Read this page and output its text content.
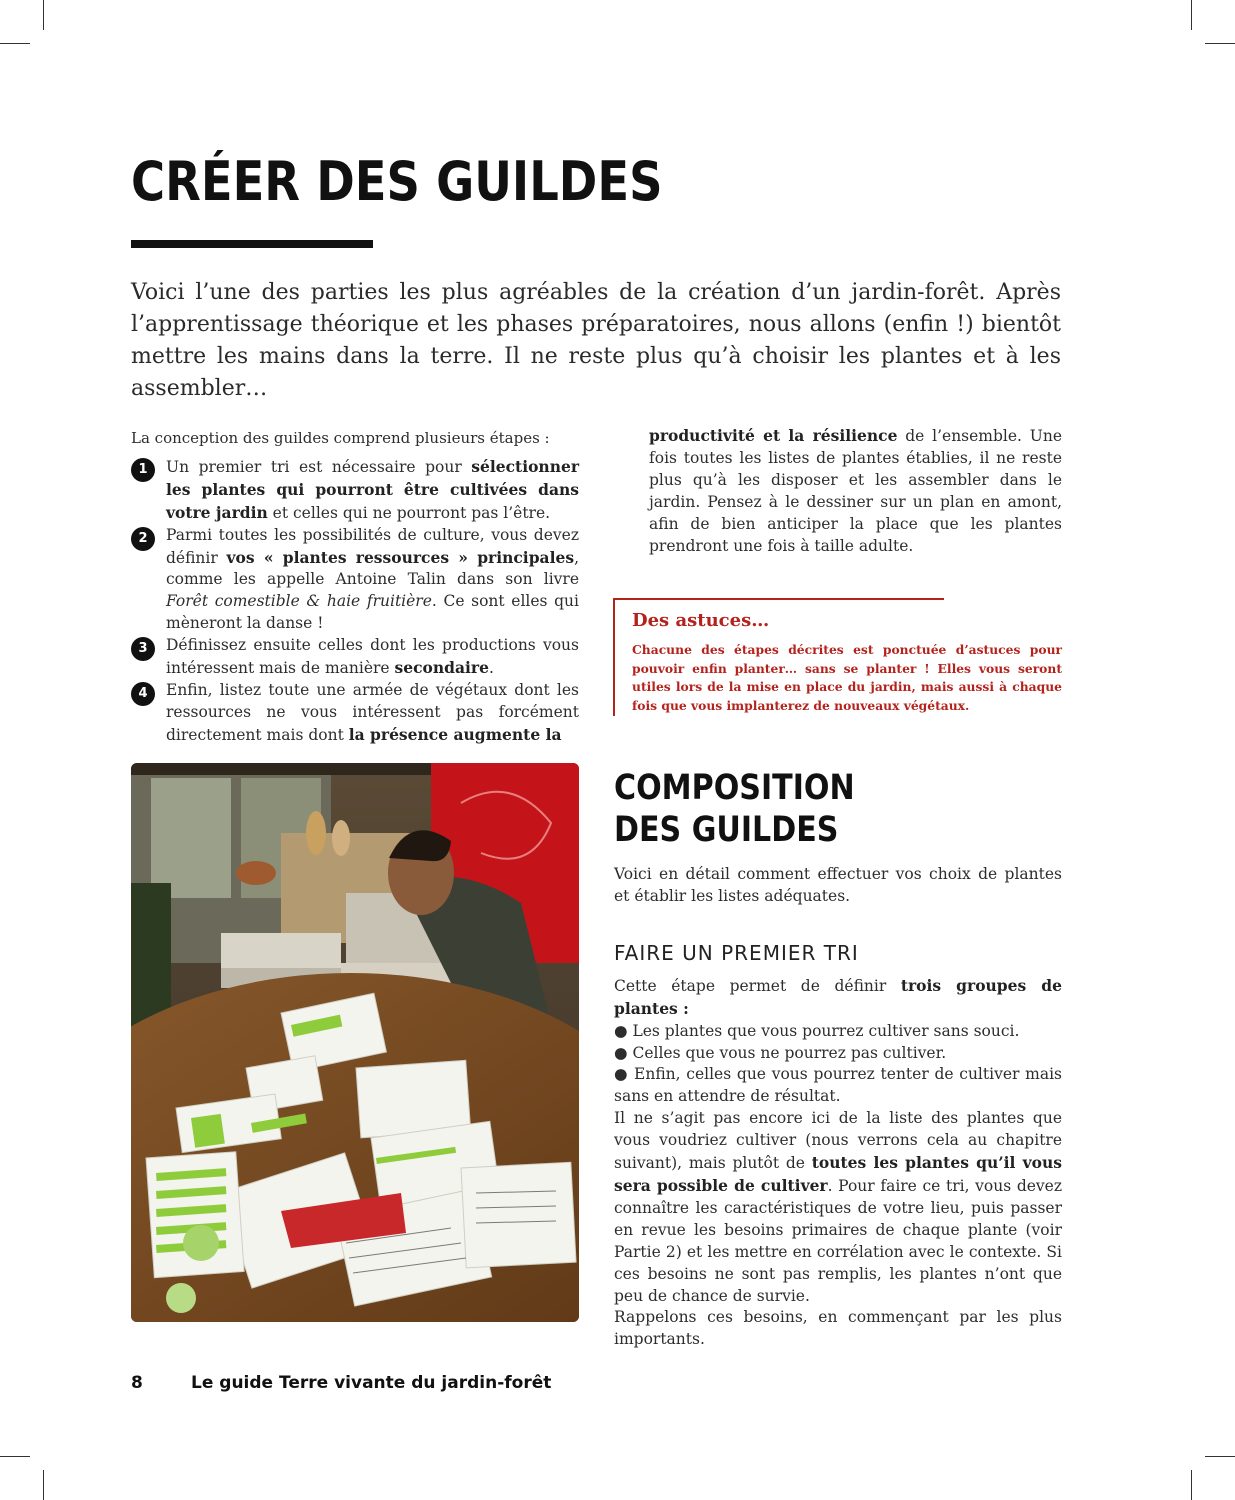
CRÉER DES GUILDES

Voici l’une des parties les plus agréables de la création d’un jardin-forêt. Après l’apprentissage théorique et les phases préparatoires, nous allons (enfin !) bientôt mettre les mains dans la terre. Il ne reste plus qu’à choisir les plantes et à les assembler…

La conception des guildes comprend plusieurs étapes :

1	Un premier tri est nécessaire pour sélectionner les plantes qui pourront être cultivées dans votre jardin et celles qui ne pourront pas l’être.
2	Parmi toutes les possibilités de culture, vous devez définir vos « plantes ressources » principales, comme les appelle Antoine Talin dans son livre Forêt comestible & haie fruitière. Ce sont elles qui mèneront la danse !
3	Définissez ensuite celles dont les productions vous intéressent mais de manière secondaire.
4	Enfin, listez toute une armée de végétaux dont les ressources ne vous intéressent pas forcément directement mais dont la présence augmente la

productivité et la résilience de l’ensemble. Une fois toutes les listes de plantes établies, il ne reste plus qu’à les disposer et les assembler dans le jardin. Pensez à le dessiner sur un plan en amont, afin de bien anticiper la place que les plantes prendront une fois à taille adulte.

Des astuces…

Chacune des étapes décrites est ponctuée d’astuces pour pouvoir enfin planter… sans se planter ! Elles vous seront utiles lors de la mise en place du jardin, mais aussi à chaque fois que vous implanterez de nouveaux végétaux.

COMPOSITION
DES GUILDES

Voici en détail comment effectuer vos choix de plantes et établir les listes adéquates.

FAIRE UN PREMIER TRI

Cette étape permet de définir trois groupes de plantes :

● Les plantes que vous pourrez cultiver sans souci.

● Celles que vous ne pourrez pas cultiver.

● Enfin, celles que vous pourrez tenter de cultiver mais sans en attendre de résultat.

Il ne s’agit pas encore ici de la liste des plantes que vous voudriez cultiver (nous verrons cela au chapitre suivant), mais plutôt de toutes les plantes qu’il vous sera possible de cultiver. Pour faire ce tri, vous devez connaître les caractéristiques de votre lieu, puis passer en revue les besoins primaires de chaque plante (voir Partie 2) et les mettre en corrélation avec le contexte. Si ces besoins ne sont pas remplis, les plantes n’ont que peu de chance de survie.

Rappelons ces besoins, en commençant par les plus importants.

8	Le guide Terre vivante du jardin-forêt
